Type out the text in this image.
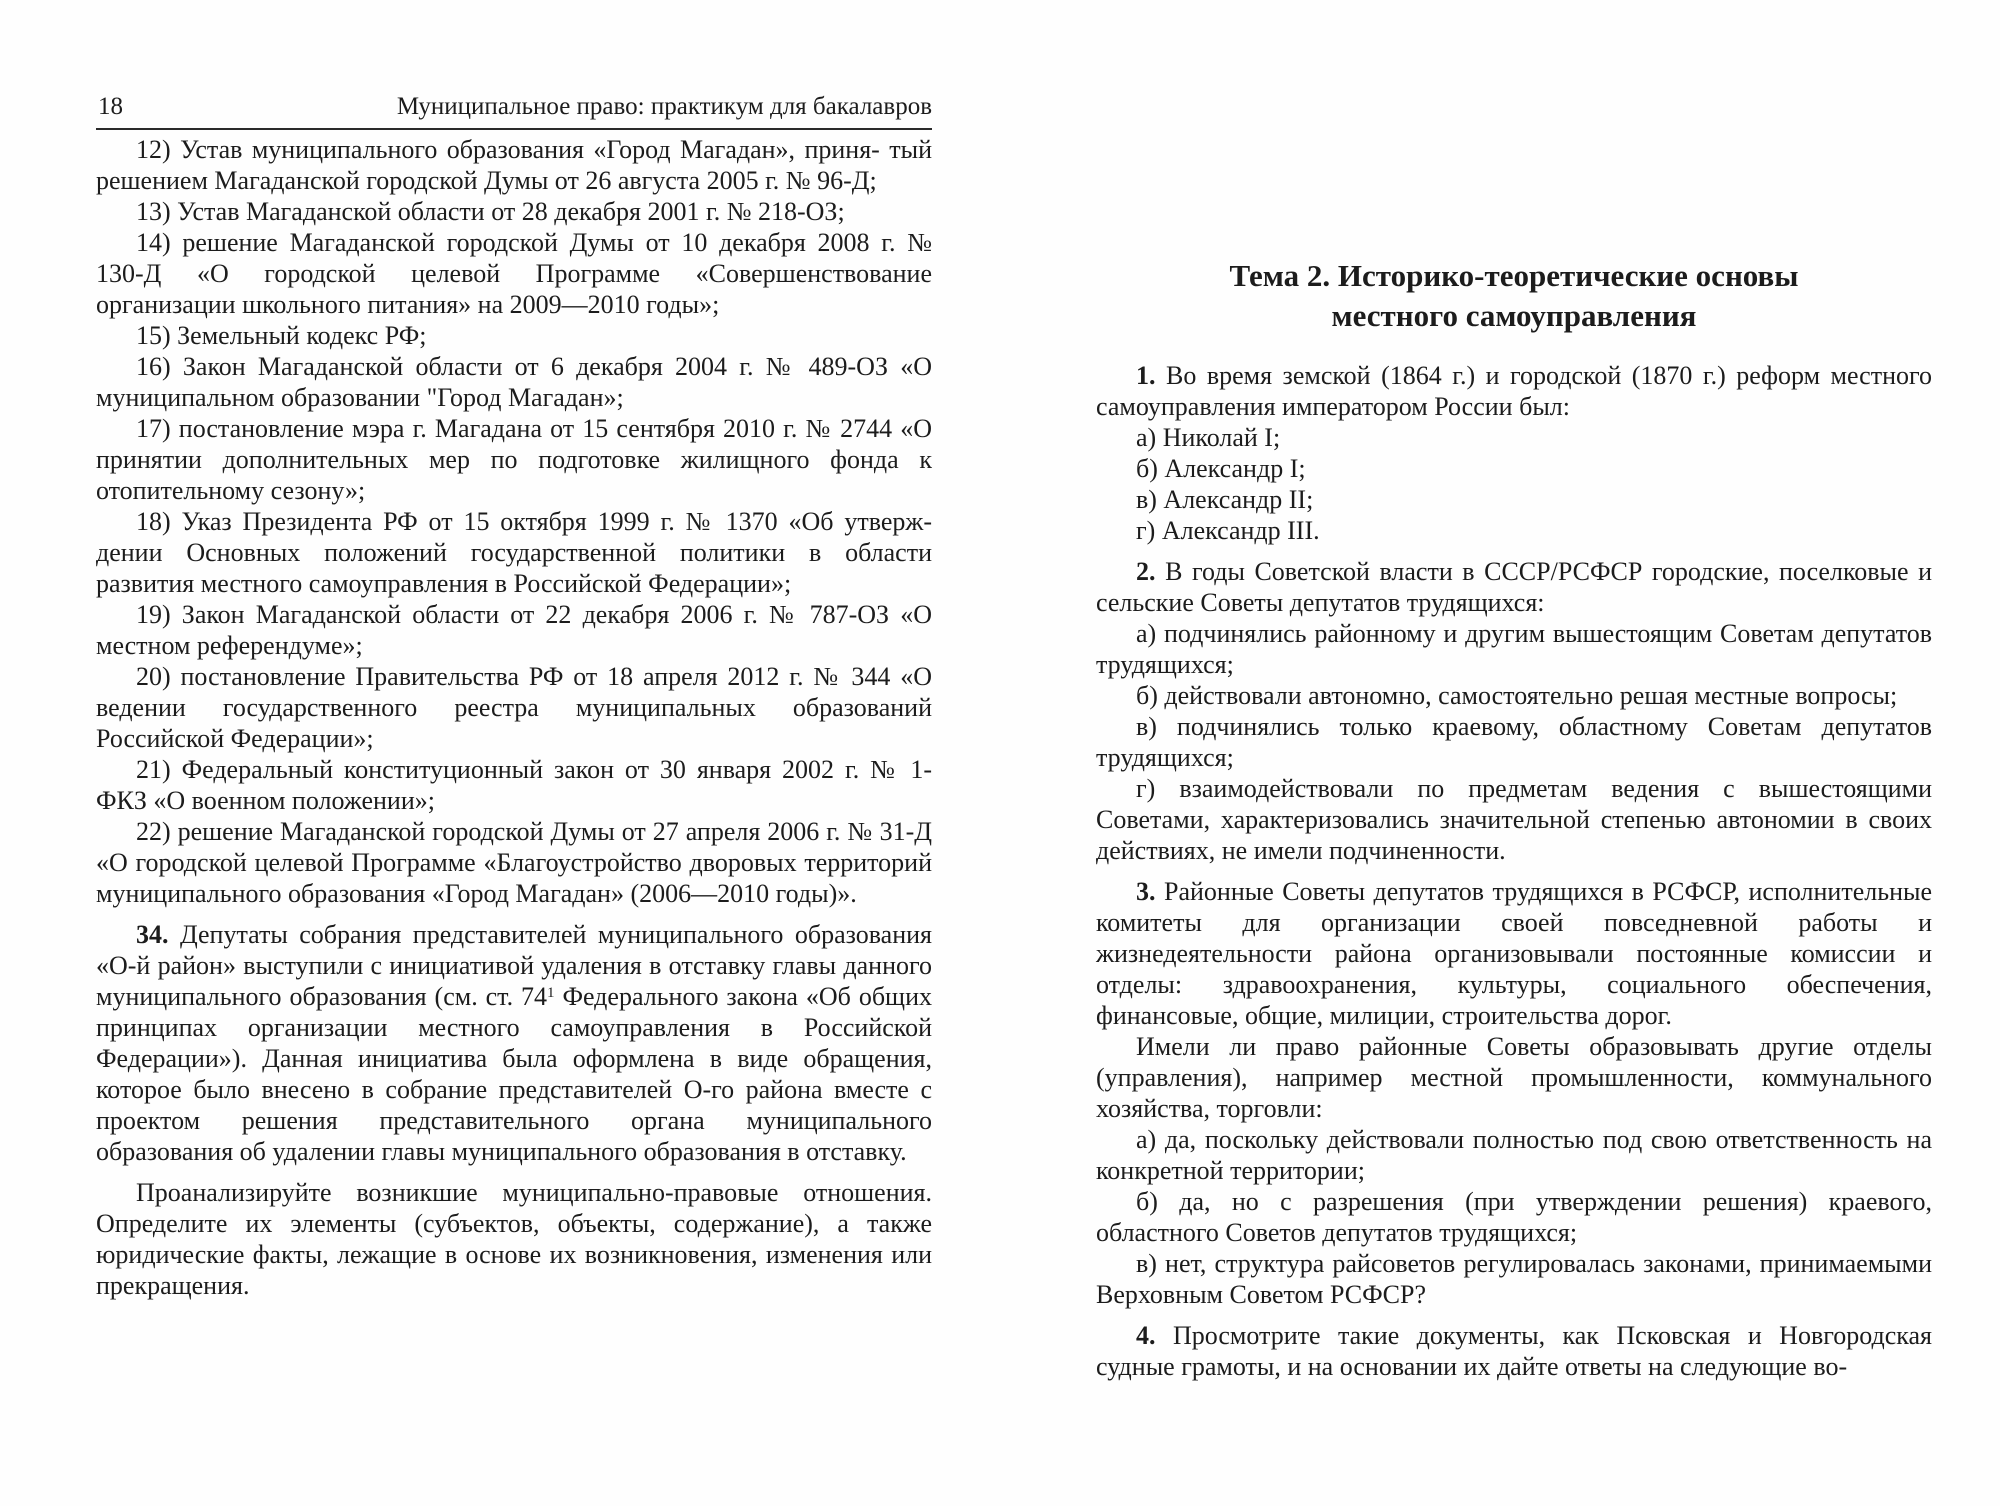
18	Муниципальное право: практикум для бакалавров

12) Устав муниципального образования «Город Магадан», приня- тый решением Магаданской городской Думы от 26 августа 2005 г. № 96-Д;

13) Устав Магаданской области от 28 декабря 2001 г. № 218-ОЗ;

14) решение Магаданской городской Думы от 10 декабря 2008 г. № 130-Д «О городской целевой Программе «Совершенствование организации школьного питания» на 2009—2010 годы»;

15) Земельный кодекс РФ;

16) Закон Магаданской области от 6 декабря 2004 г. № 489-ОЗ «О муниципальном образовании "Город Магадан»;

17) постановление мэра г. Магадана от 15 сентября 2010 г. № 2744 «О принятии дополнительных мер по подготовке жилищного фонда к отопительному сезону»;

18) Указ Президента РФ от 15 октября 1999 г. № 1370 «Об утверж- дении Основных положений государственной политики в области развития местного самоуправления в Российской Федерации»;

19) Закон Магаданской области от 22 декабря 2006 г. № 787-ОЗ «О местном референдуме»;

20) постановление Правительства РФ от 18 апреля 2012 г. № 344 «О ведении государственного реестра муниципальных образований Российской Федерации»;

21) Федеральный конституционный закон от 30 января 2002 г. № 1-ФКЗ «О военном положении»;

22) решение Магаданской городской Думы от 27 апреля 2006 г. № 31-Д «О городской целевой Программе «Благоустройство дворовых территорий муниципального образования «Город Магадан» (2006—2010 годы)».

34. Депутаты собрания представителей муниципального образования «О-й район» выступили с инициативой удаления в отставку главы данного муниципального образования (см. ст. $74^1$ Федерального закона «Об общих принципах организации местного самоуправления в Российской Федерации»). Данная инициатива была оформлена в виде обращения, которое было внесено в собрание представителей О-го района вместе с проектом решения представительного органа муниципального образования об удалении главы муниципального образования в отставку.

Проанализируйте возникшие муниципально-правовые отношения. Определите их элементы (субъектов, объекты, содержание), а также юридические факты, лежащие в основе их возникновения, изменения или прекращения.

Тема 2. Историко-теоретические основы
местного самоуправления

1. Во время земской (1864 г.) и городской (1870 г.) реформ местного самоуправления императором России был:

а) Николай I;

б) Александр I;

в) Александр II;

г) Александр III.

2. В годы Советской власти в СССР/РСФСР городские, поселковые и сельские Советы депутатов трудящихся:

а) подчинялись районному и другим вышестоящим Советам депутатов трудящихся;

б) действовали автономно, самостоятельно решая местные вопросы;

в) подчинялись только краевому, областному Советам депутатов трудящихся;

г) взаимодействовали по предметам ведения с вышестоящими Советами, характеризовались значительной степенью автономии в своих действиях, не имели подчиненности.

3. Районные Советы депутатов трудящихся в РСФСР, исполнительные комитеты для организации своей повседневной работы и жизнедеятельности района организовывали постоянные комиссии и отделы: здравоохранения, культуры, социального обеспечения, финансовые, общие, милиции, строительства дорог.

Имели ли право районные Советы образовывать другие отделы (управления), например местной промышленности, коммунального хозяйства, торговли:

а) да, поскольку действовали полностью под свою ответственность на конкретной территории;

б) да, но с разрешения (при утверждении решения) краевого, областного Советов депутатов трудящихся;

в) нет, структура райсоветов регулировалась законами, принимаемыми Верховным Советом РСФСР?

4. Просмотрите такие документы, как Псковская и Новгородская судные грамоты, и на основании их дайте ответы на следующие во-
